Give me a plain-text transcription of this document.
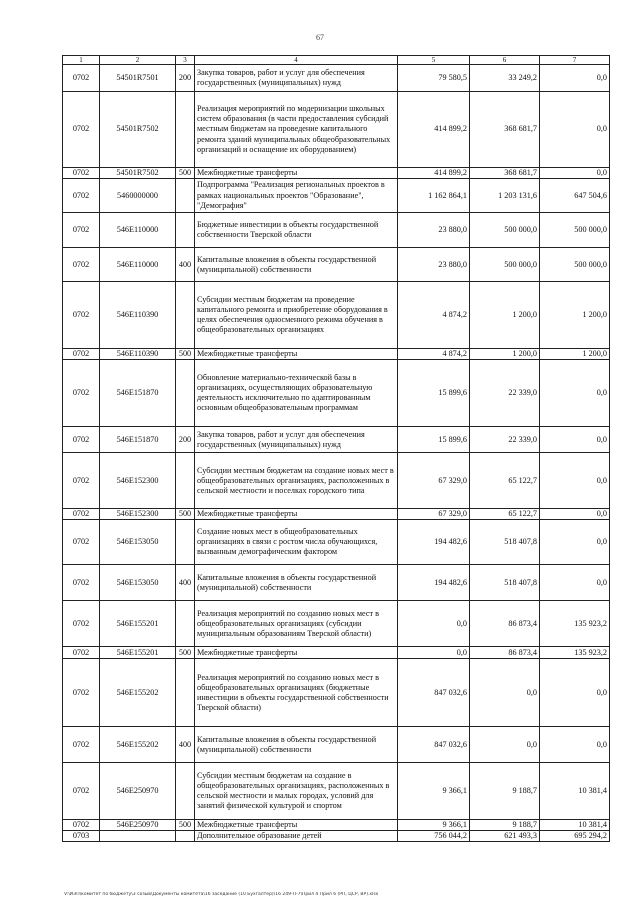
67
1	2	3	4	5	6	7
0702	54501R7501	200	Закупка товаров, работ и услуг для обеспечения государственных (муниципальных) нужд	79 580,5	33 249,2	0,0
0702	54501R7502		Реализация мероприятий по модернизации школьных систем образования (в части предоставления субсидий местным бюджетам на проведение капитального ремонта зданий муниципальных общеобразовательных организаций и оснащение их оборудованием)	414 899,2	368 681,7	0,0
0702	54501R7502	500	Межбюджетные трансферты	414 899,2	368 681,7	0,0
0702	5460000000		Подпрограмма "Реализация региональных проектов в рамках национальных проектов "Образование", "Демография"	1 162 864,1	1 203 131,6	647 504,6
0702	546E110000		Бюджетные инвестиции в объекты государственной собственности Тверской области	23 880,0	500 000,0	500 000,0
0702	546E110000	400	Капитальные вложения в объекты государственной (муниципальной) собственности	23 880,0	500 000,0	500 000,0
0702	546E110390		Субсидии местным бюджетам на проведение капитального ремонта и приобретение оборудования в целях обеспечения односменного режима обучения в общеобразовательных организациях	4 874,2	1 200,0	1 200,0
0702	546E110390	500	Межбюджетные трансферты	4 874,2	1 200,0	1 200,0
0702	546E151870		Обновление материально-технической базы в организациях, осуществляющих образовательную деятельность исключительно по адаптированным основным общеобразовательным программам	15 899,6	22 339,0	0,0
0702	546E151870	200	Закупка товаров, работ и услуг для обеспечения государственных (муниципальных) нужд	15 899,6	22 339,0	0,0
0702	546E152300		Субсидии местным бюджетам на создание новых мест в общеобразовательных организациях, расположенных в сельской местности и поселках городского типа	67 329,0	65 122,7	0,0
0702	546E152300	500	Межбюджетные трансферты	67 329,0	65 122,7	0,0
0702	546E153050		Создание новых мест в общеобразовательных организациях в связи с ростом числа обучающихся, вызванным демографическим фактором	194 482,6	518 407,8	0,0
0702	546E153050	400	Капитальные вложения в объекты государственной (муниципальной) собственности	194 482,6	518 407,8	0,0
0702	546E155201		Реализация мероприятий по созданию новых мест в общеобразовательных организациях (субсидии муниципальным образованиям Тверской области)	0,0	86 873,4	135 923,2
0702	546E155201	500	Межбюджетные трансферты	0,0	86 873,4	135 923,2
0702	546E155202		Реализация мероприятий по созданию новых мест в общеобразовательных организациях (бюджетные инвестиции в объекты государственной собственности Тверской области)	847 032,6	0,0	0,0
0702	546E155202	400	Капитальные вложения в объекты государственной (муниципальной) собственности	847 032,6	0,0	0,0
0702	546E250970		Субсидии местным бюджетам на создание в общеобразовательных организациях, расположенных в сельской местности и малых городах, условий для занятий физической культурой и спортом	9 366,1	9 188,7	10 381,4
0702	546E250970	500	Межбюджетные трансферты	9 366,1	9 188,7	10 381,4
0703			Дополнительное образование детей	756 044,2	621 493,3	695 294,2
V:\ИЭП\комитет по бюджету\3 созыв\Документы комитета\16 заседание (10 Бухгалтер)\16 249-П-7\Прил 4 Прил 6 (РП, ЦСР, ВР).xlsx
